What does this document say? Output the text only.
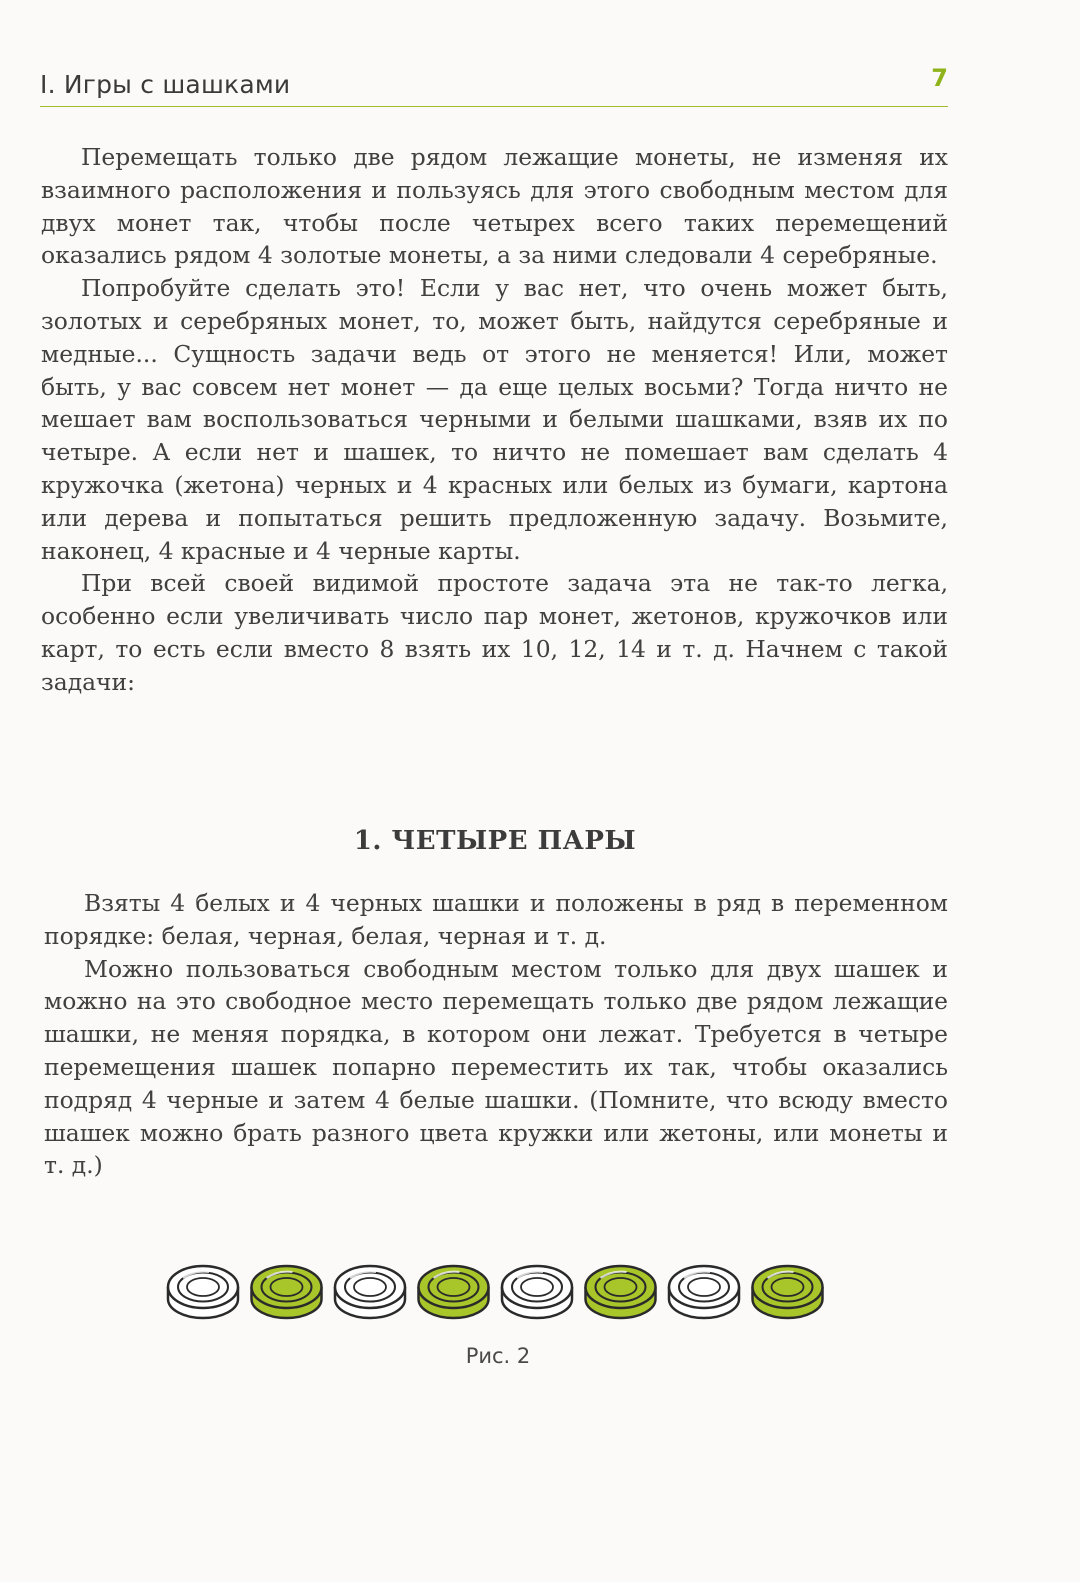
I. Игры с шашками	7

Перемещать только две рядом лежащие монеты, не изменяя их взаимного расположения и пользуясь для этого свободным местом для двух монет так, чтобы после четырех всего таких перемещений оказались рядом 4 золотые монеты, а за ними следовали 4 серебряные.

Попробуйте сделать это! Если у вас нет, что очень может быть, золотых и серебряных монет, то, может быть, найдутся серебряные и медные... Сущность задачи ведь от этого не меняется! Или, может быть, у вас совсем нет монет — да еще целых восьми? Тогда ничто не мешает вам воспользоваться черными и белыми шашками, взяв их по четыре. А если нет и шашек, то ничто не помешает вам сделать 4 кружочка (жетона) черных и 4 красных или белых из бумаги, картона или дерева и попытаться решить предложенную задачу. Возьмите, наконец, 4 красные и 4 черные карты.

При всей своей видимой простоте задача эта не так-то легка, особенно если увеличивать число пар монет, жетонов, кружочков или карт, то есть если вместо 8 взять их 10, 12, 14 и т. д. Начнем с такой задачи:

1. ЧЕТЫРЕ ПАРЫ

Взяты 4 белых и 4 черных шашки и положены в ряд в переменном порядке: белая, черная, белая, черная и т. д.

Можно пользоваться свободным местом только для двух шашек и можно на это свободное место перемещать только две рядом лежащие шашки, не меняя порядка, в котором они лежат. Требуется в четыре перемещения шашек попарно переместить их так, чтобы оказались подряд 4 черные и затем 4 белые шашки. (Помните, что всюду вместо шашек можно брать разного цвета кружки или жетоны, или монеты и т. д.)

Рис. 2
